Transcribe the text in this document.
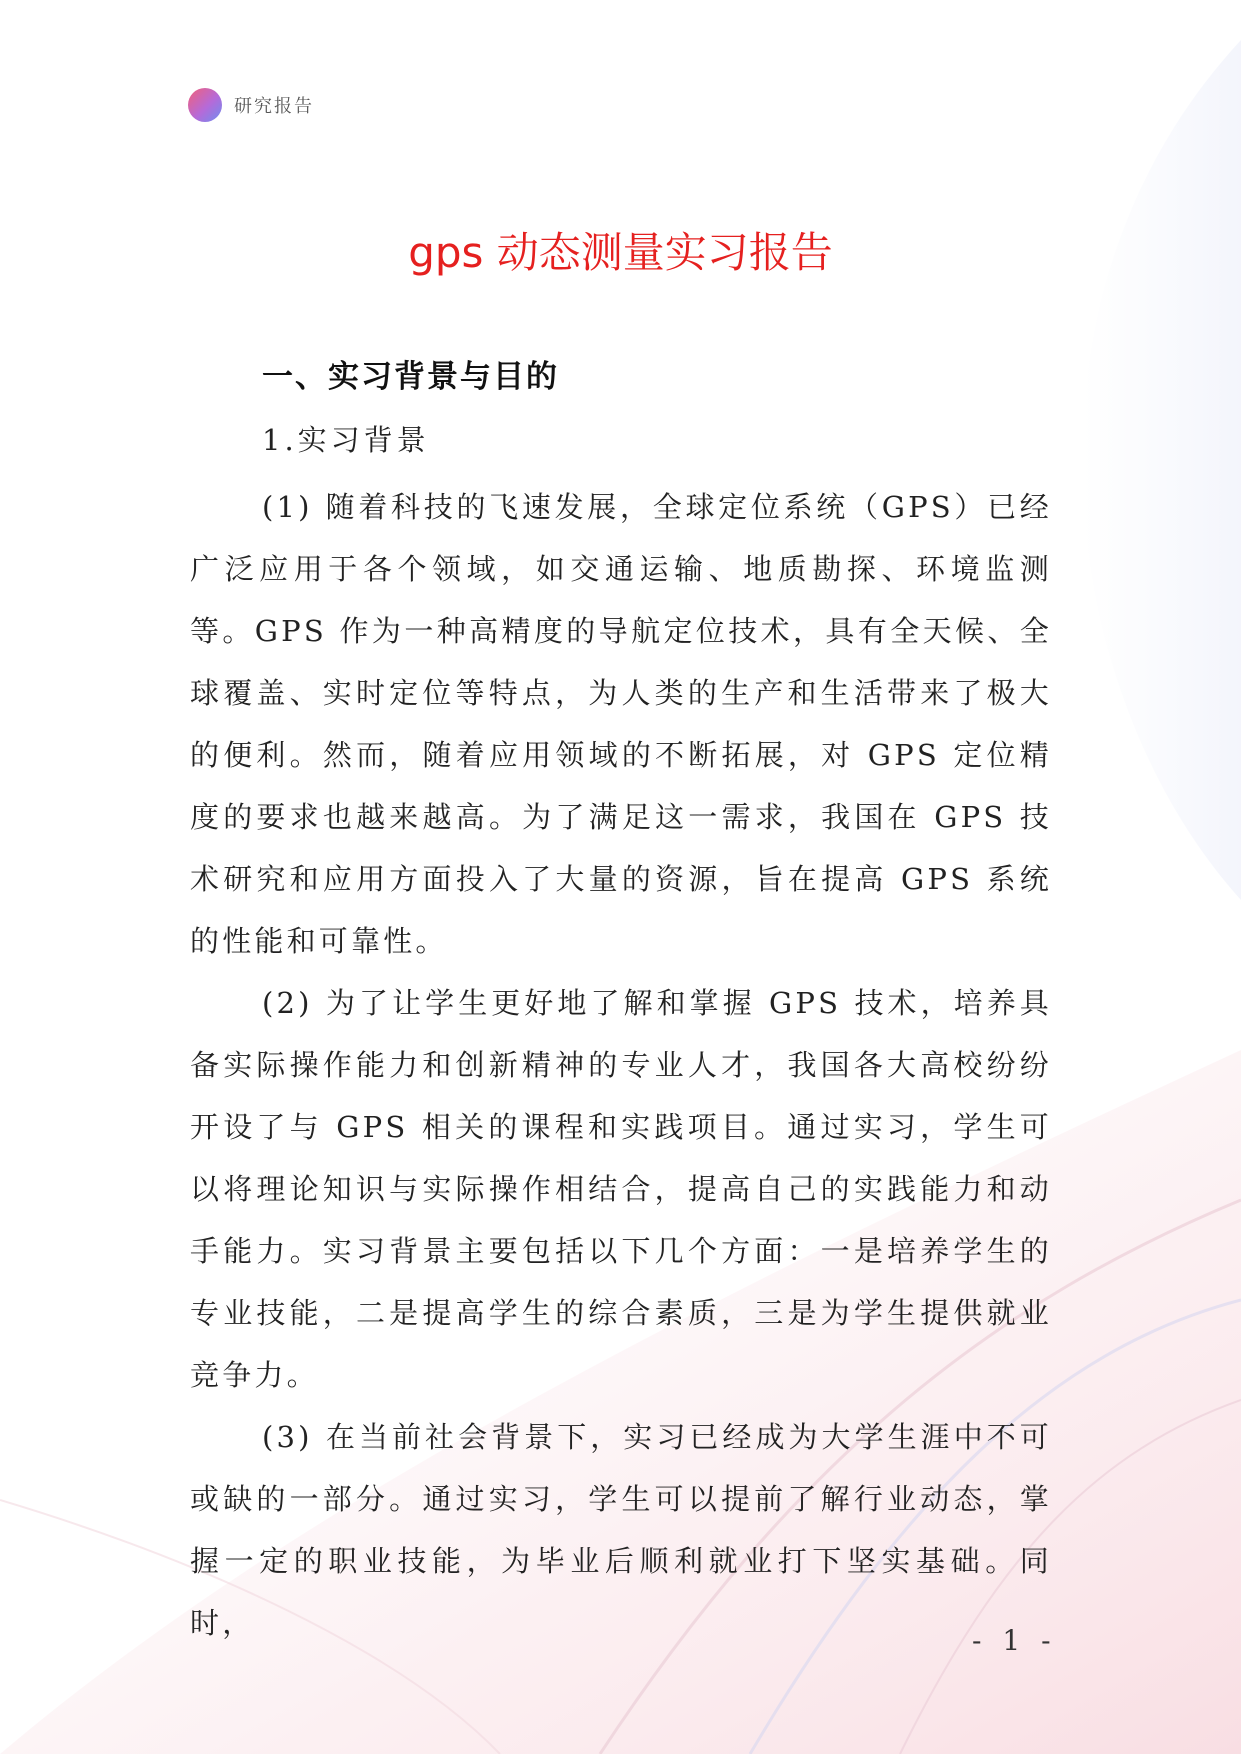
研究报告
gps 动态测量实习报告
一、实习背景与目的
1.实习背景

(1) 随着科技的飞速发展，全球定位系统（GPS）已经广泛应用于各个领域，如交通运输、地质勘探、环境监测等。GPS 作为一种高精度的导航定位技术，具有全天候、全球覆盖、实时定位等特点，为人类的生产和生活带来了极大的便利。然而，随着应用领域的不断拓展，对 GPS 定位精度的要求也越来越高。为了满足这一需求，我国在 GPS 技术研究和应用方面投入了大量的资源，旨在提高 GPS 系统的性能和可靠性。

(2) 为了让学生更好地了解和掌握 GPS 技术，培养具备实际操作能力和创新精神的专业人才，我国各大高校纷纷开设了与 GPS 相关的课程和实践项目。通过实习，学生可以将理论知识与实际操作相结合，提高自己的实践能力和动手能力。实习背景主要包括以下几个方面：一是培养学生的专业技能，二是提高学生的综合素质，三是为学生提供就业竞争力。

(3) 在当前社会背景下，实习已经成为大学生涯中不可或缺的一部分。通过实习，学生可以提前了解行业动态，掌握一定的职业技能，为毕业后顺利就业打下坚实基础。同时，

- 1 -
